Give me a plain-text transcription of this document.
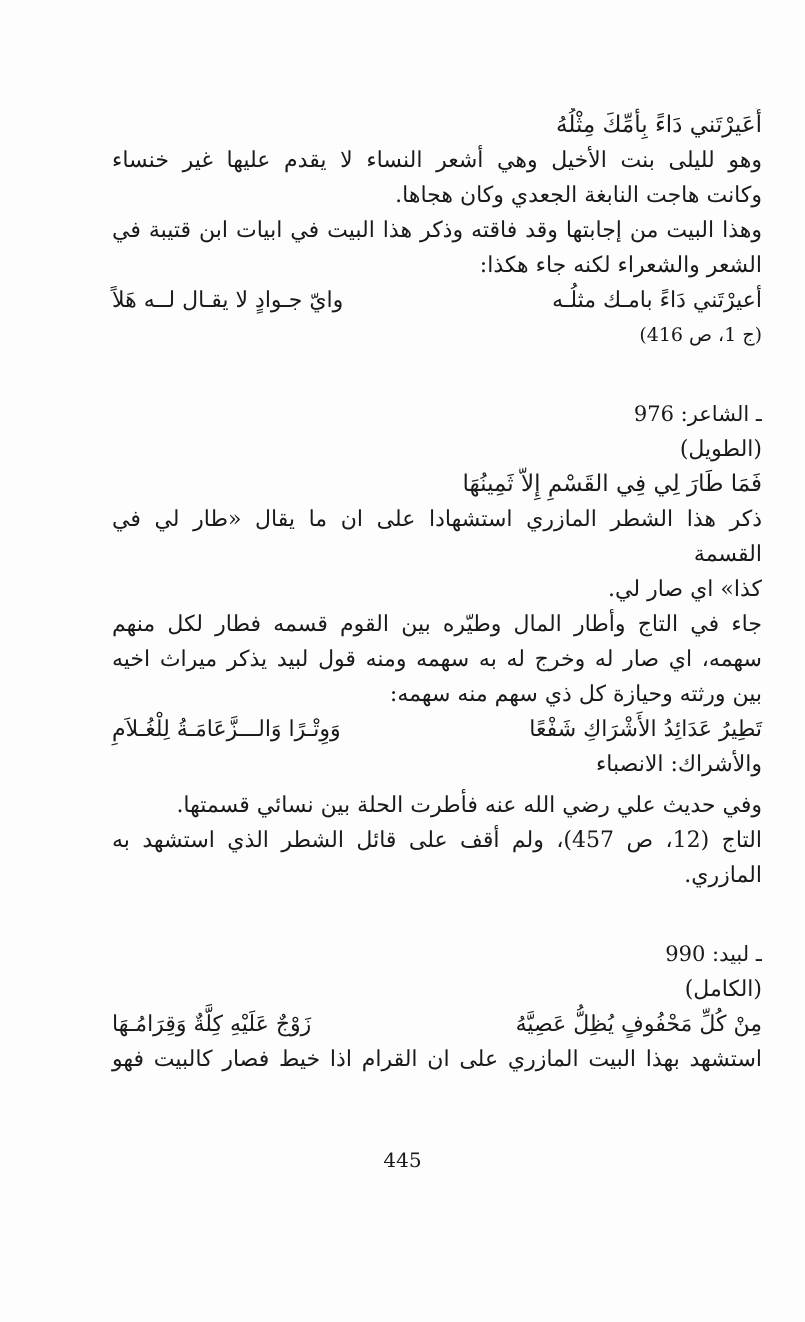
أَعَيرْتَني دَاءً بِأُمِّكَ مِثْلُهُ
وهو لليلى بنت الأخيل وهي أشعر النساء لا يقدم عليها غير خنساء
وكانت هاجت النابغة الجعدي وكان هجاها.
وهذا البيت من إجابتها وقد فاقته وذكر هذا البيت في ابيات ابن قتيبة في
الشعر والشعراء لكنه جاء هكذا:
أعيرْتَني دَاءً بامـك مثلُـه
وايّ جـوادٍ لا يقـال لــه هَلاً
(ج 1، ص 416)
ـ الشاعر: 976
(الطويل)
فَمَا طَارَ لِي فِي القَسْمِ إِلاَّ ثَمِينُهَا
ذكر هذا الشطر المازري استشهادا على ان ما يقال «طار لي في القسمة
كذا» اي صار لي.
جاء في التاج وأطار المال وطيّره بين القوم قسمه فطار لكل منهم
سهمه، اي صار له وخرج له به سهمه ومنه قول لبيد يذكر ميراث اخيه
بين ورثته وحيازة كل ذي سهم منه سهمه:
تَطِيرُ عَدَائِدُ الأَشْرَاكِ شَفْعًا
وَوِتْـرًا وَالـــزَّعَامَـةُ لِلْغُـلاَمِ
والأشراك: الانصباء
وفي حديث علي رضي الله عنه فأطرت الحلة بين نسائي قسمتها.
التاج (12، ص 457)، ولم أقف على قائل الشطر الذي استشهد به
المازري.
ـ لبيد: 990
(الكامل)
مِنْ كُلِّ مَحْفُوفٍ يُظِلُّ عَصِيَّهُ
زَوْجٌ عَلَيْهِ كِلَّةٌ وَقِرَامُـهَا
استشهد بهذا البيت المازري على ان القرام اذا خيط فصار كالبيت فهو
445
